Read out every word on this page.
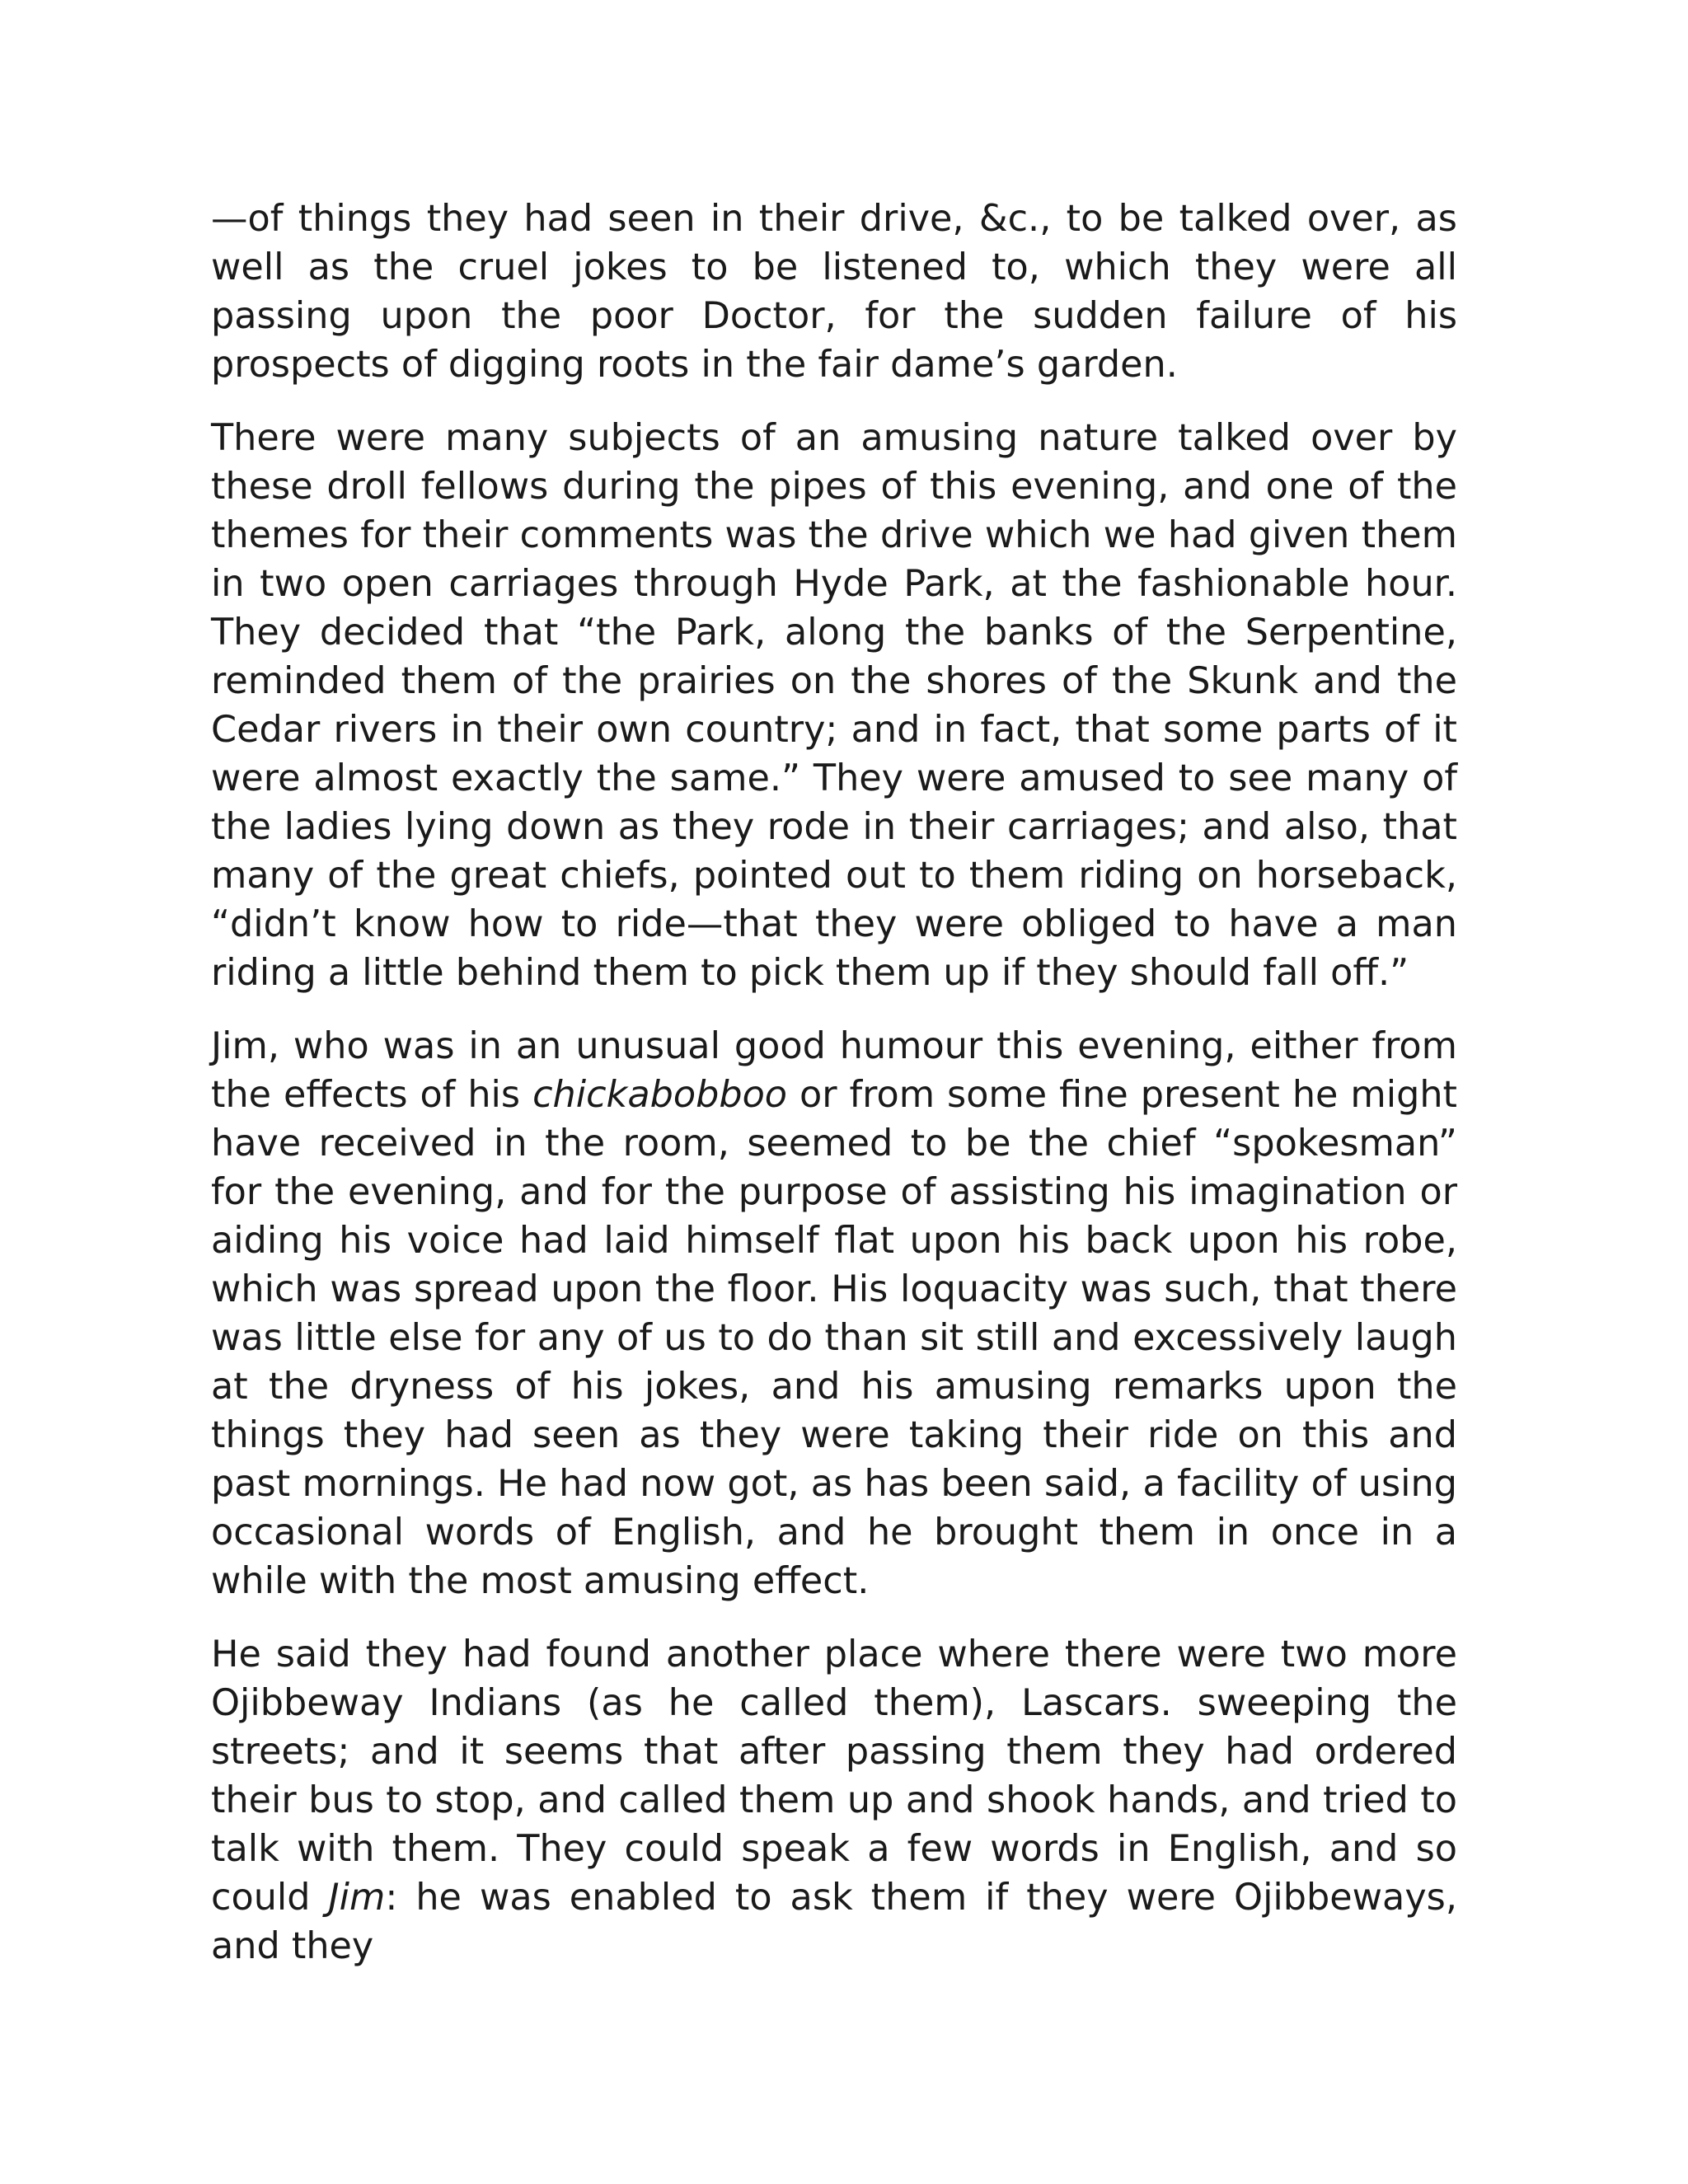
—of things they had seen in their drive, &c., to be talked over, as well as the cruel jokes to be listened to, which they were all passing upon the poor Doctor, for the sudden failure of his prospects of digging roots in the fair dame’s garden.

There were many subjects of an amusing nature talked over by these droll fellows during the pipes of this evening, and one of the themes for their comments was the drive which we had given them in two open carriages through Hyde Park, at the fashionable hour. They decided that “the Park, along the banks of the Serpentine, reminded them of the prairies on the shores of the Skunk and the Cedar rivers in their own country; and in fact, that some parts of it were almost exactly the same.” They were amused to see many of the ladies lying down as they rode in their carriages; and also, that many of the great chiefs, pointed out to them riding on horseback, “didn’t know how to ride—that they were obliged to have a man riding a little behind them to pick them up if they should fall off.”

Jim, who was in an unusual good humour this evening, either from the effects of his chickabobboo or from some fine present he might have received in the room, seemed to be the chief “spokesman” for the evening, and for the purpose of assisting his imagination or aiding his voice had laid himself flat upon his back upon his robe, which was spread upon the floor. His loquacity was such, that there was little else for any of us to do than sit still and excessively laugh at the dryness of his jokes, and his amusing remarks upon the things they had seen as they were taking their ride on this and past mornings. He had now got, as has been said, a facility of using occasional words of English, and he brought them in once in a while with the most amusing effect.

He said they had found another place where there were two more Ojibbeway Indians (as he called them), Lascars. sweeping the streets; and it seems that after passing them they had ordered their bus to stop, and called them up and shook hands, and tried to talk with them. They could speak a few words in English, and so could Jim: he was enabled to ask them if they were Ojibbeways, and they
